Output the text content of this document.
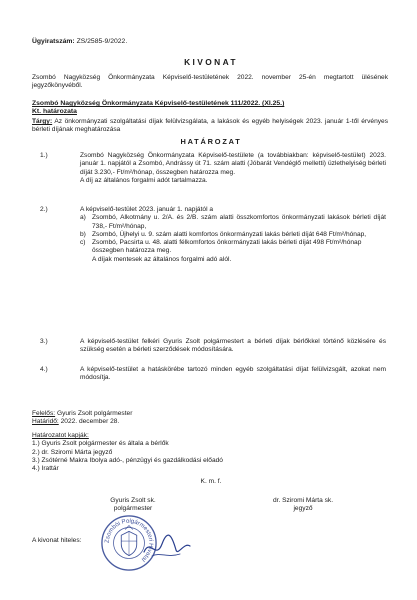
Ügyiratszám: ZS/2585-9/2022.
KIVONAT
Zsombó Nagyközség Önkormányzata Képviselő-testületének 2022. november 25-én megtartott ülésének jegyzőkönyvéből.
Zsombó Nagyközség Önkormányzata Képviselő-testületének 111/2022. (XI.25.)
Kt. határozata
Tárgy: Az önkormányzati szolgáltatási díjak felülvizsgálata, a lakások és egyéb helyiségek 2023. január 1-től érvényes bérleti díjának meghatározása
HATÁROZAT
1.)	Zsombó Nagyközség Önkormányzata Képviselő-testülete (a továbbiakban: képviselő-testület) 2023. január 1. napjától a Zsombó, Andrássy út 71. szám alatti (Jóbarát Vendéglő melletti) üzlethelyiség bérleti díját 3.230,- Ft/m²/hónap, összegben határozza meg.
A díj az általános forgalmi adót tartalmazza.
2.)	A képviselő-testület 2023. január 1. napjától a
a) Zsombó, Alkotmány u. 2/A. és 2/B. szám alatti összkomfortos önkormányzati lakások bérleti díját 738,- Ft/m²/hónap,
b) Zsombó, Újhelyi u. 9. szám alatti komfortos önkormányzati lakás bérleti díját 648 Ft/m²/hónap,
c) Zsombó, Pacsirta u. 48. alatti félkomfortos önkormányzati lakás bérleti díját 498 Ft/m²/hónap
összegben határozza meg.
A díjak mentesek az általános forgalmi adó alól.
3.)	A képviselő-testület felkéri Gyuris Zsolt polgármestert a bérleti díjak bérlőkkel történő közlésére és szükség esetén a bérleti szerződések módosítására.
4.)	A képviselő-testület a hatáskörébe tartozó minden egyéb szolgáltatási díjat felülvizsgált, azokat nem módosítja.
Felelős: Gyuris Zsolt polgármester
Határidő: 2022. december 28.
Határozatot kapják:
1.) Gyuris Zsolt polgármester és általa a bérlők
2.) dr. Sziromi Márta jegyző
3.) Zsótérné Makra Ibolya adó-, pénzügyi és gazdálkodási előadó
4.) Irattár
K. m. f.
Gyuris Zsolt sk.
polgármester
dr. Sziromi Márta sk.
jegyző
A kivonat hiteles:	Zsombói Polgármesteri Hivatal
